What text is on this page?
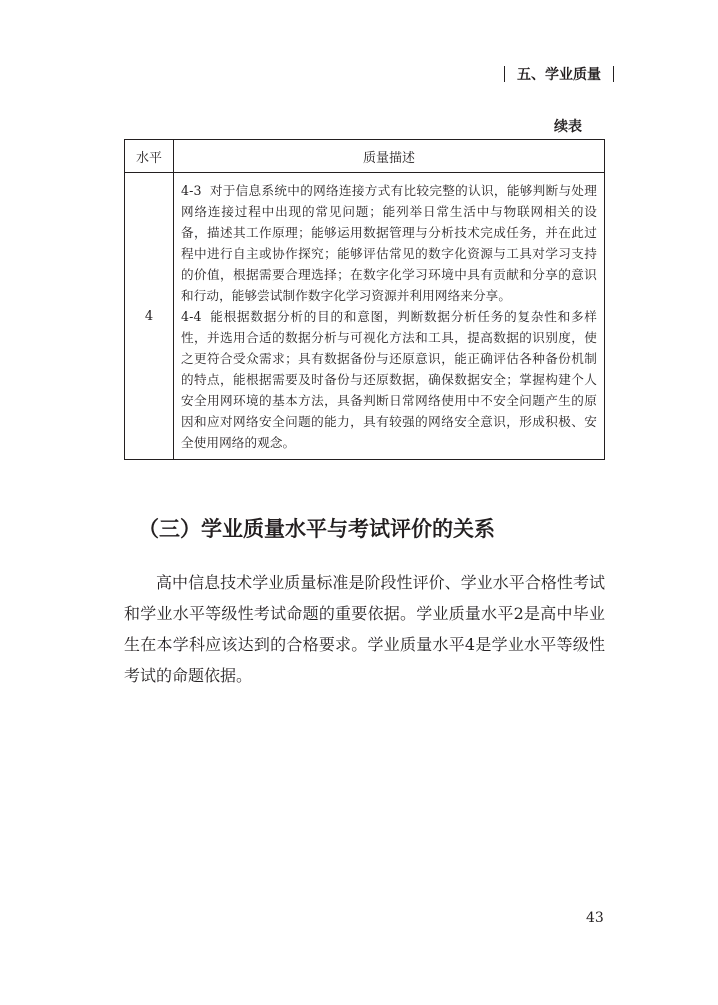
五、学业质量
续表
水平	质量描述
4	4-3 对于信息系统中的网络连接方式有比较完整的认识，能够判断与处理网络连接过程中出现的常见问题；能列举日常生活中与物联网相关的设备，描述其工作原理；能够运用数据管理与分析技术完成任务，并在此过程中进行自主或协作探究；能够评估常见的数字化资源与工具对学习支持的价值，根据需要合理选择；在数字化学习环境中具有贡献和分享的意识和行动，能够尝试制作数字化学习资源并利用网络来分享。
4-4 能根据数据分析的目的和意图，判断数据分析任务的复杂性和多样性，并选用合适的数据分析与可视化方法和工具，提高数据的识别度，使之更符合受众需求；具有数据备份与还原意识，能正确评估各种备份机制的特点，能根据需要及时备份与还原数据，确保数据安全；掌握构建个人安全用网环境的基本方法，具备判断日常网络使用中不安全问题产生的原因和应对网络安全问题的能力，具有较强的网络安全意识，形成积极、安全使用网络的观念。
（三）学业质量水平与考试评价的关系
高中信息技术学业质量标准是阶段性评价、学业水平合格性考试和学业水平等级性考试命题的重要依据。学业质量水平2是高中毕业生在本学科应该达到的合格要求。学业质量水平4是学业水平等级性考试的命题依据。
43
